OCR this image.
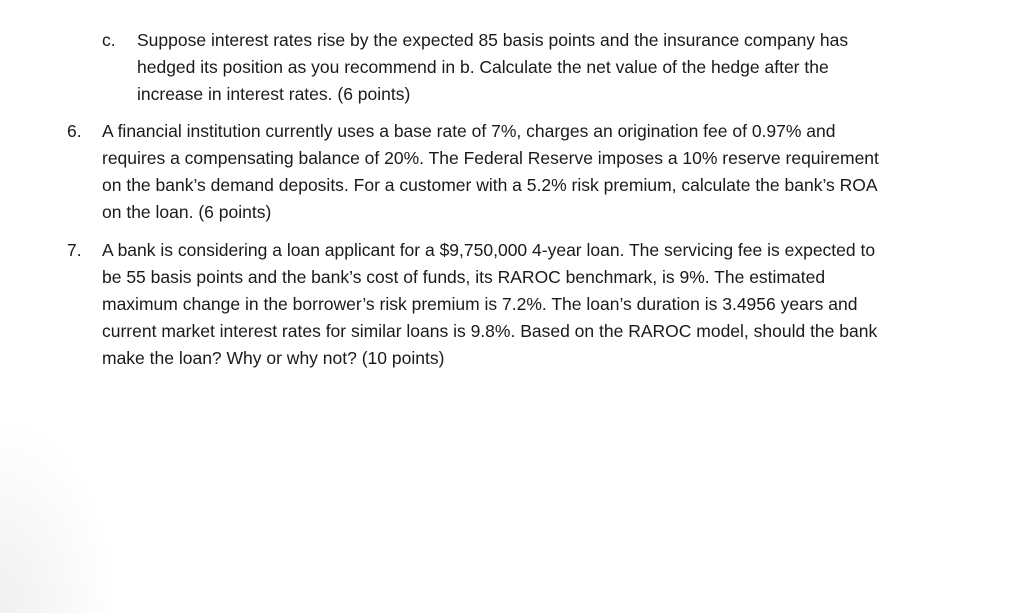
c. Suppose interest rates rise by the expected 85 basis points and the insurance company has
hedged its position as you recommend in b. Calculate the net value of the hedge after the
increase in interest rates. (6 points)
6. A financial institution currently uses a base rate of 7%, charges an origination fee of 0.97% and
requires a compensating balance of 20%. The Federal Reserve imposes a 10% reserve requirement
on the bank’s demand deposits. For a customer with a 5.2% risk premium, calculate the bank’s ROA
on the loan. (6 points)
7. A bank is considering a loan applicant for a $9,750,000 4-year loan. The servicing fee is expected to
be 55 basis points and the bank’s cost of funds, its RAROC benchmark, is 9%. The estimated
maximum change in the borrower’s risk premium is 7.2%. The loan’s duration is 3.4956 years and
current market interest rates for similar loans is 9.8%. Based on the RAROC model, should the bank
make the loan? Why or why not? (10 points)
